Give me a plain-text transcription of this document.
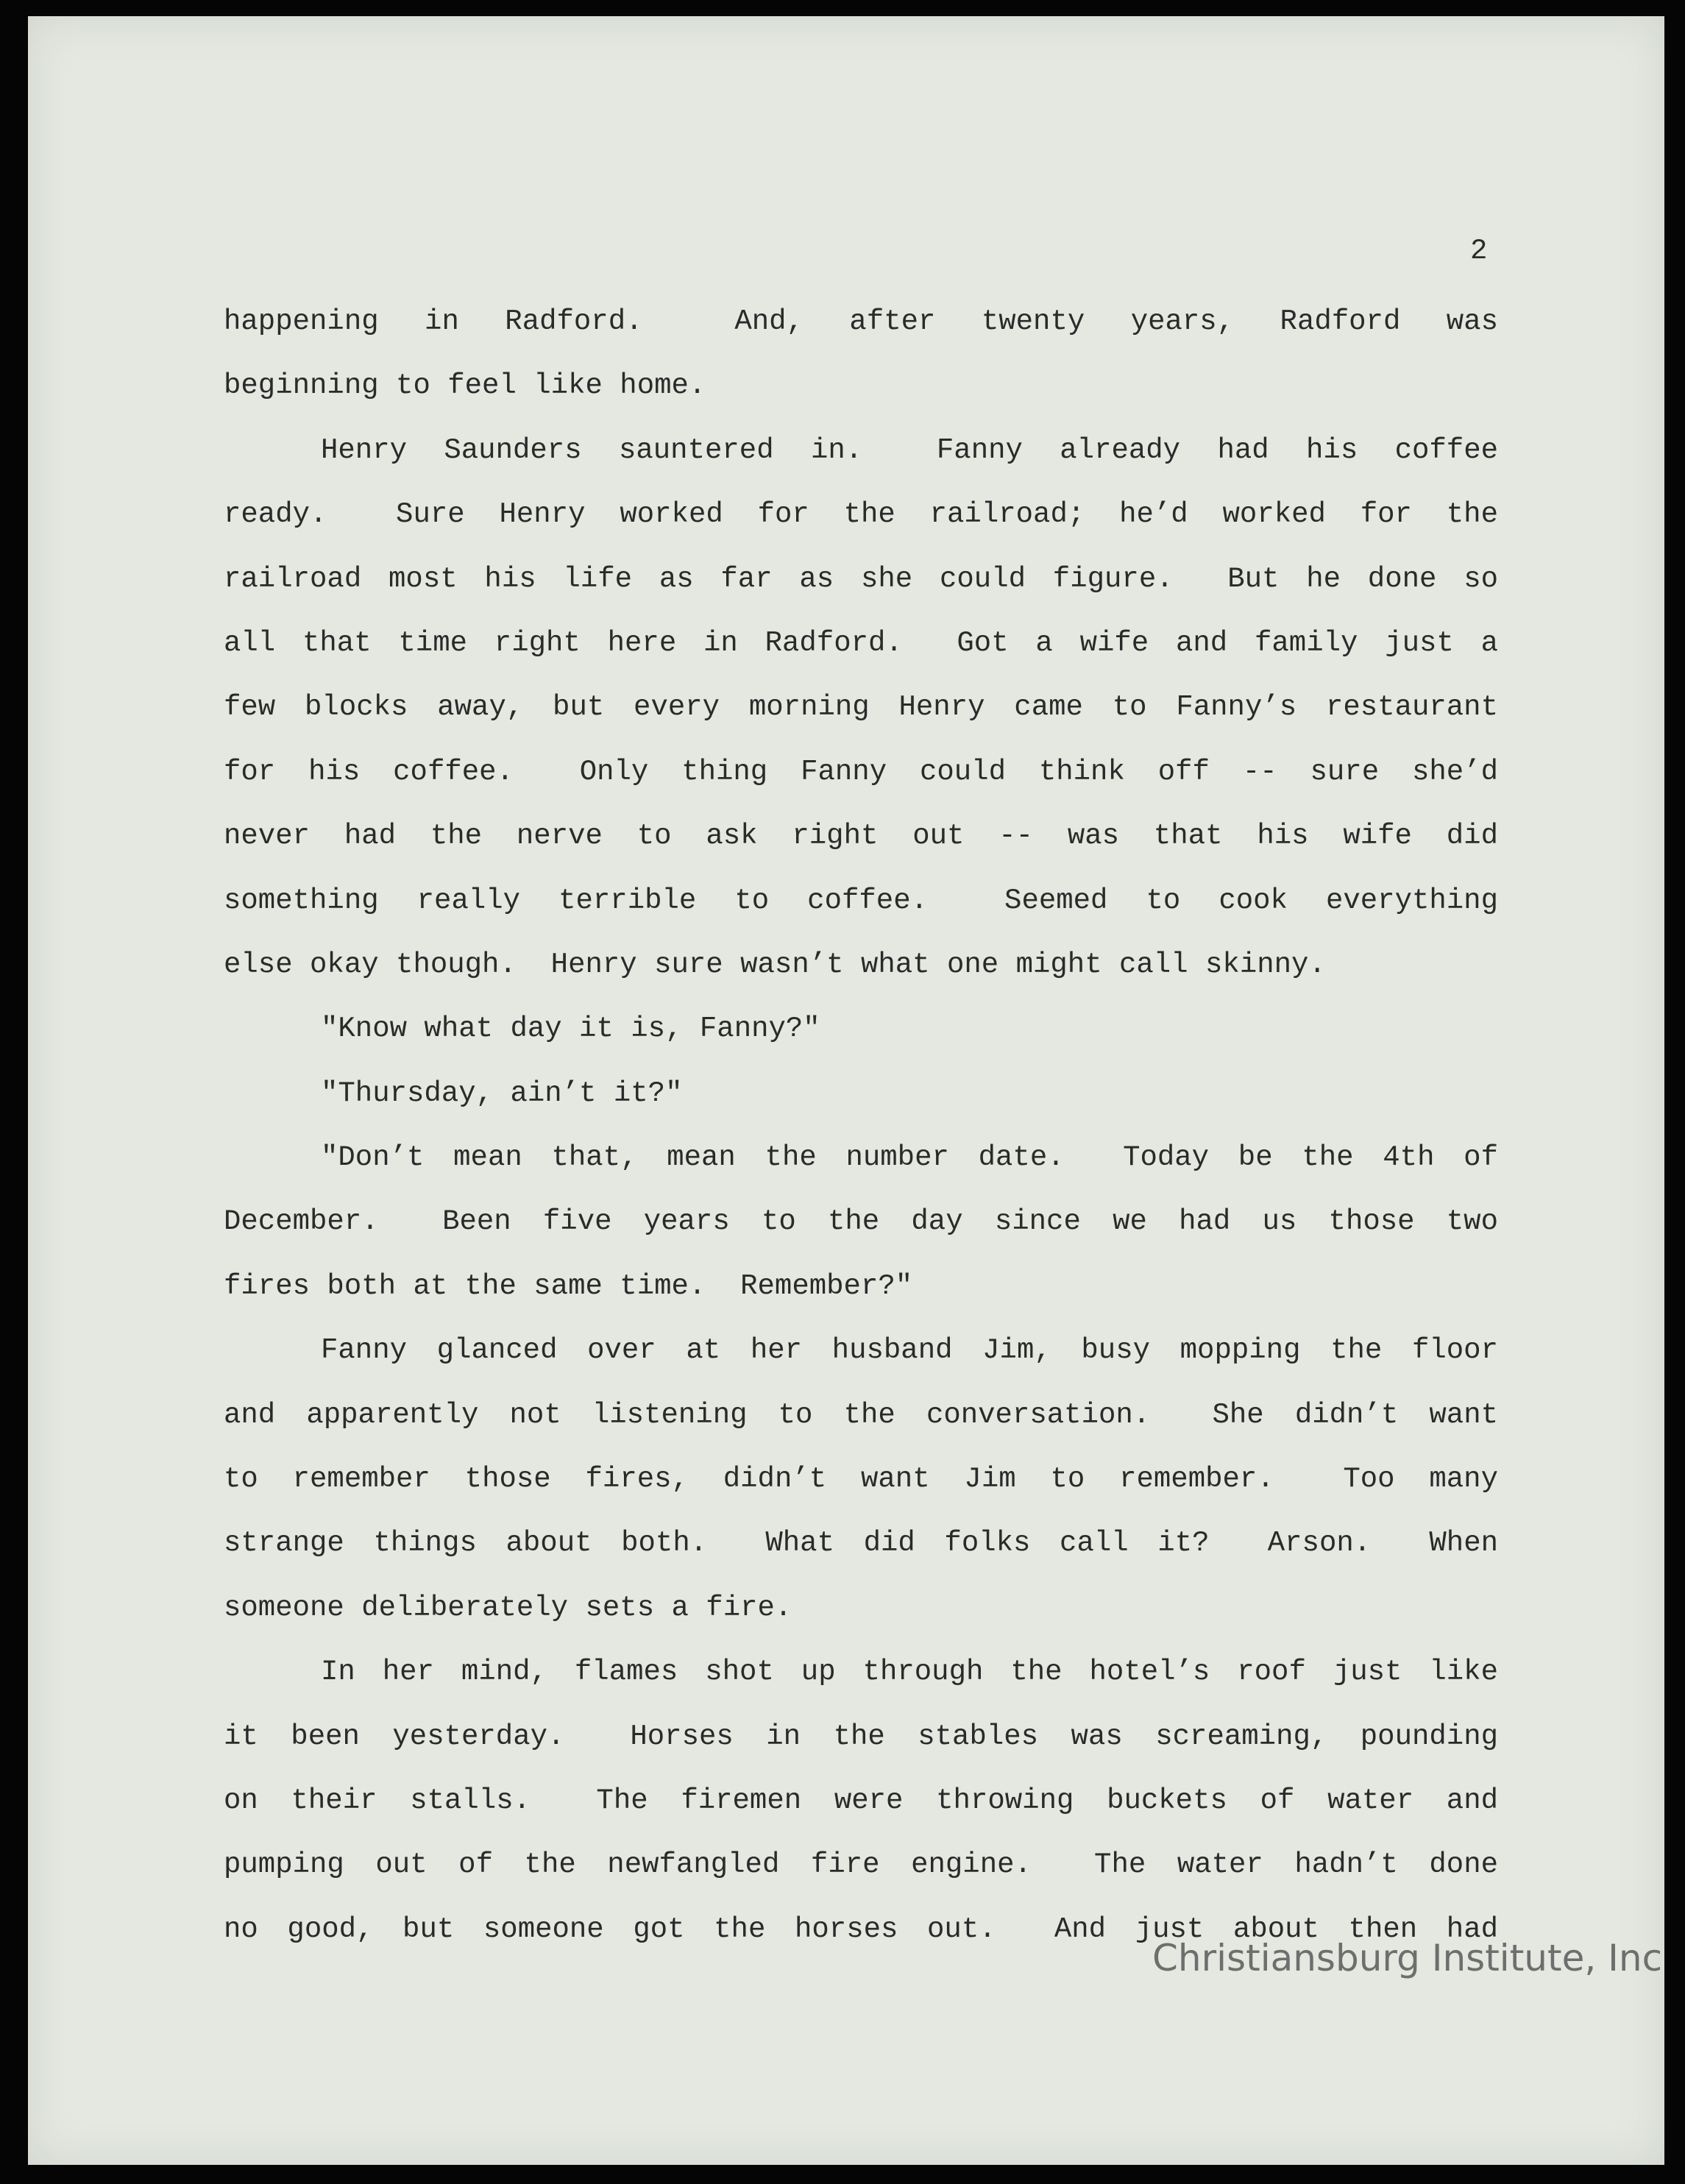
2
happening in Radford.  And, after twenty years, Radford was
beginning to feel like home.
Henry Saunders sauntered in.  Fanny already had his coffee
ready.  Sure Henry worked for the railroad; he’d worked for the
railroad most his life as far as she could figure.  But he done so
all that time right here in Radford.  Got a wife and family just a
few blocks away, but every morning Henry came to Fanny’s restaurant
for his coffee.  Only thing Fanny could think off -- sure she’d
never had the nerve to ask right out -- was that his wife did
something really terrible to coffee.  Seemed to cook everything
else okay though.  Henry sure wasn’t what one might call skinny.
"Know what day it is, Fanny?"
"Thursday, ain’t it?"
"Don’t mean that, mean the number date.  Today be the 4th of
December.  Been five years to the day since we had us those two
fires both at the same time.  Remember?"
Fanny glanced over at her husband Jim, busy mopping the floor
and apparently not listening to the conversation.  She didn’t want
to remember those fires, didn’t want Jim to remember.  Too many
strange things about both.  What did folks call it?  Arson.  When
someone deliberately sets a fire.
In her mind, flames shot up through the hotel’s roof just like
it been yesterday.  Horses in the stables was screaming, pounding
on their stalls.  The firemen were throwing buckets of water and
pumping out of the newfangled fire engine.  The water hadn’t done
no good, but someone got the horses out.  And just about then had
Christiansburg Institute, Inc
